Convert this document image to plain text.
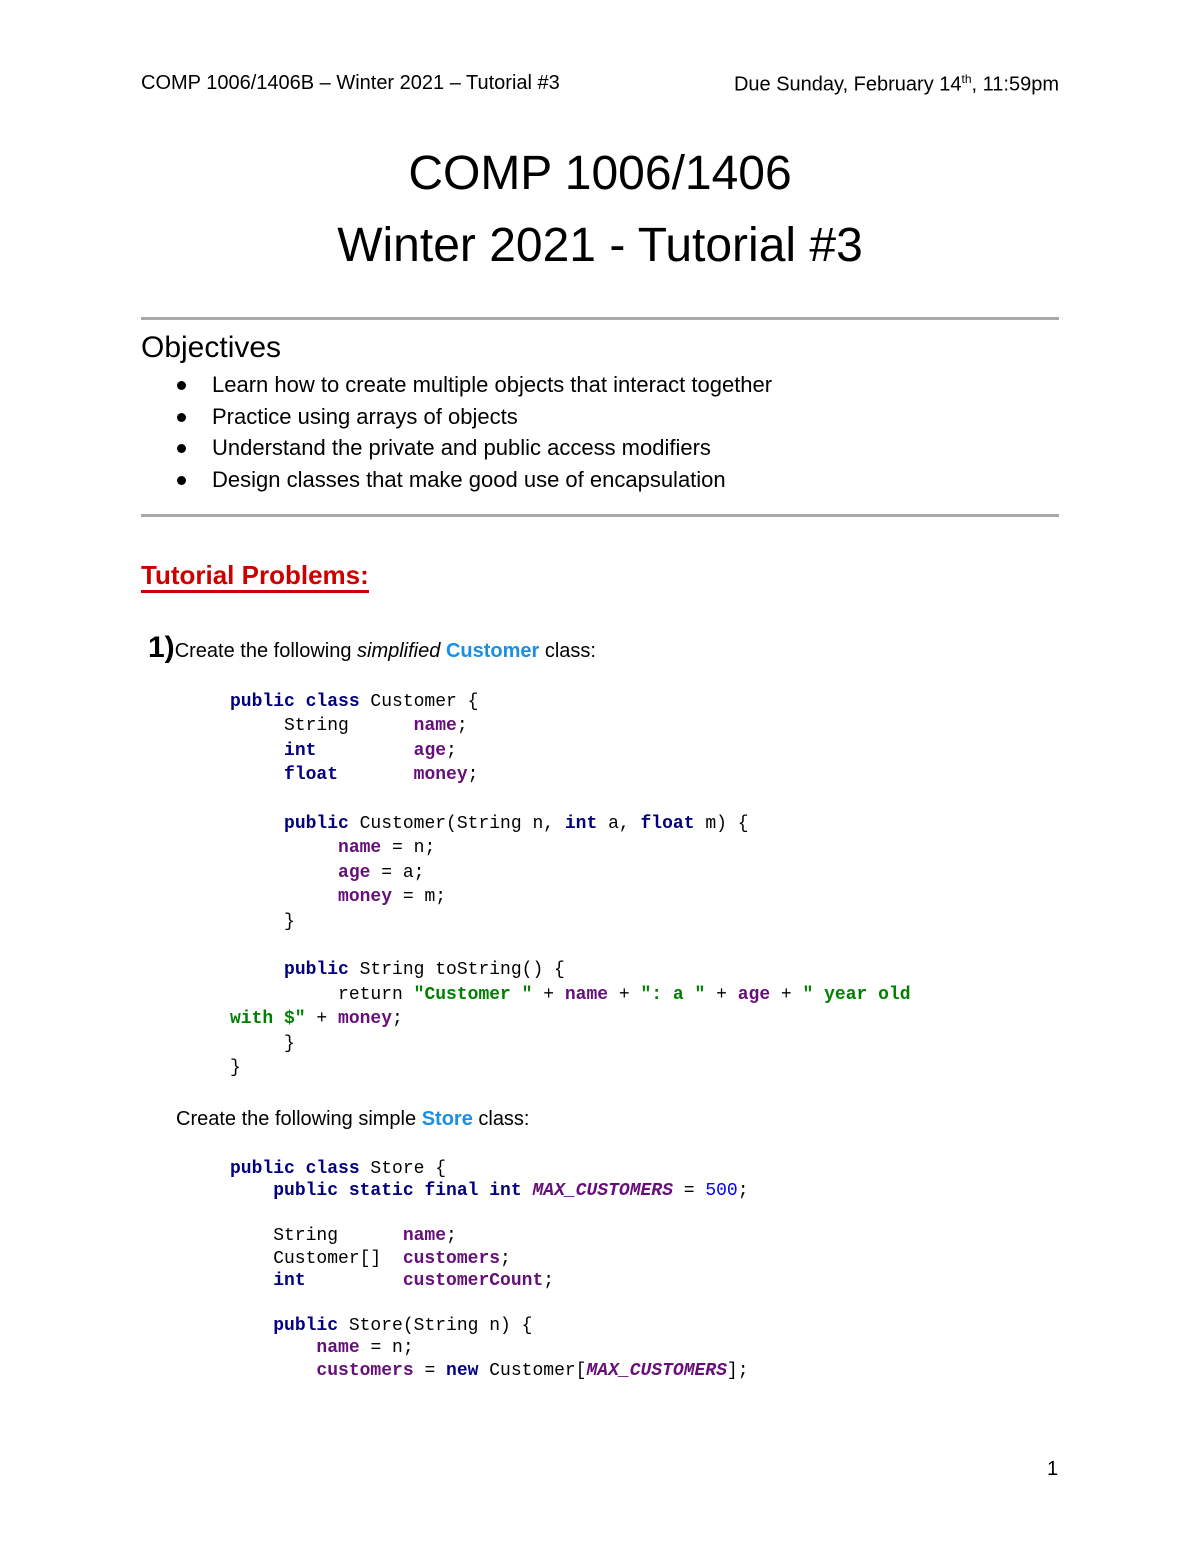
COMP 1006/1406B – Winter 2021 – Tutorial #3	Due Sunday, February 14th, 11:59pm
COMP 1006/1406
Winter 2021 - Tutorial #3
Objectives
Learn how to create multiple objects that interact together
Practice using arrays of objects
Understand the private and public access modifiers
Design classes that make good use of encapsulation
Tutorial Problems:
1)Create the following simplified Customer class:
public class Customer {
String      name;
int	age;
float	money;

public Customer(String n, int a, float m) {
name = n;
age = a;
money = m;
}

public String toString() {
return "Customer " + name + ": a " + age + " year old
with $" + money;
}
}
Create the following simple Store class:
public class Store {
public static final int MAX_CUSTOMERS = 500;

String      name;
Customer[]  customers;
int	customerCount;

public Store(String n) {
name = n;
customers = new Customer[MAX_CUSTOMERS];
1
